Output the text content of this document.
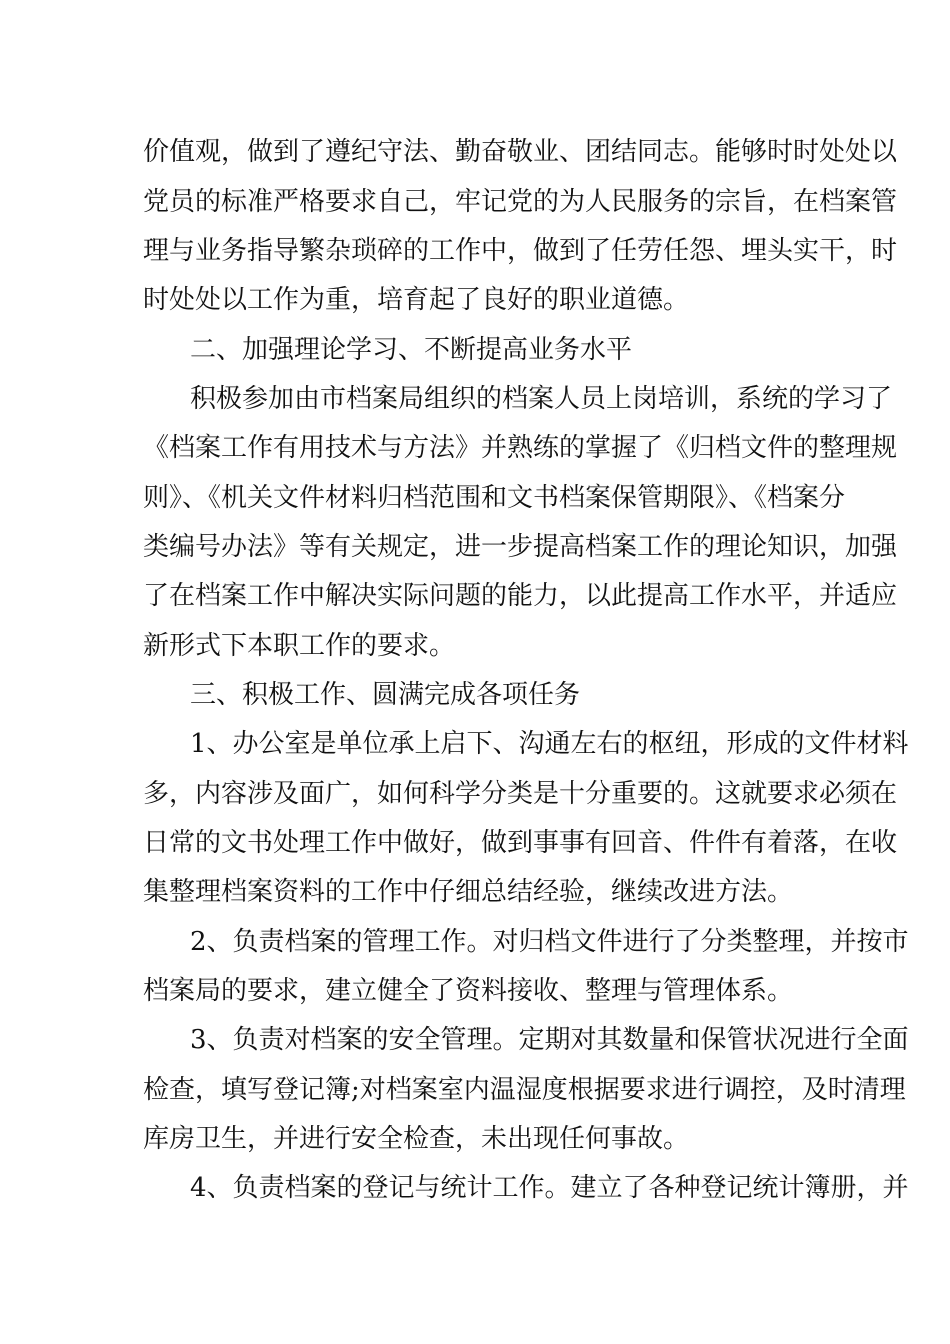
价值观，做到了遵纪守法、勤奋敬业、团结同志。能够时时处处以
党员的标准严格要求自己，牢记党的为人民服务的宗旨，在档案管
理与业务指导繁杂琐碎的工作中，做到了任劳任怨、埋头实干，时
时处处以工作为重，培育起了良好的职业道德。
二、加强理论学习、不断提高业务水平
积极参加由市档案局组织的档案人员上岗培训，系统的学习了
《档案工作有用技术与方法》并熟练的掌握了《归档文件的整理规
则》、《机关文件材料归档范围和文书档案保管期限》、《档案分
类编号办法》等有关规定，进一步提高档案工作的理论知识，加强
了在档案工作中解决实际问题的能力，以此提高工作水平，并适应
新形式下本职工作的要求。
三、积极工作、圆满完成各项任务
1、办公室是单位承上启下、沟通左右的枢纽，形成的文件材料
多，内容涉及面广，如何科学分类是十分重要的。这就要求必须在
日常的文书处理工作中做好，做到事事有回音、件件有着落，在收
集整理档案资料的工作中仔细总结经验，继续改进方法。
2、负责档案的管理工作。对归档文件进行了分类整理，并按市
档案局的要求，建立健全了资料接收、整理与管理体系。
3、负责对档案的安全管理。定期对其数量和保管状况进行全面
检查，填写登记簿;对档案室内温湿度根据要求进行调控，及时清理
库房卫生，并进行安全检查，未出现任何事故。
4、负责档案的登记与统计工作。建立了各种登记统计簿册，并
